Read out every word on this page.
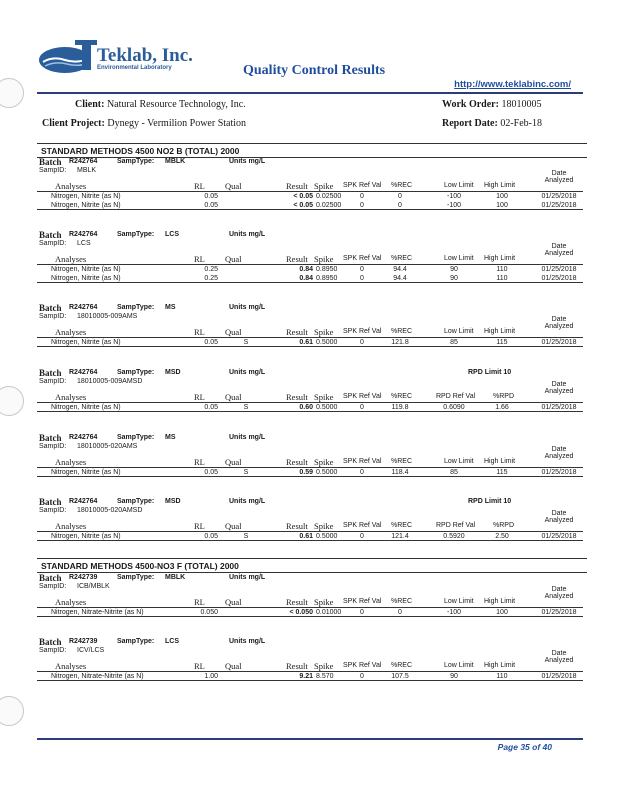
Teklab, Inc.
Environmental Laboratory	Quality Control Results
http://www.teklabinc.com/
Client: Natural Resource Technology, Inc.
Client Project: Dynegy - Vermilion Power Station
Work Order: 18010005
Report Date: 02-Feb-18
STANDARD METHODS 4500 NO2 B (TOTAL) 2000
STANDARD METHODS 4500-NO3 F (TOTAL) 2000
Batch R242764	SampType: MBLK	Units mg/L
SampID: MBLK	Date
Analyzed
Analyses	RL Qual	Result Spike SPK Ref Val %REC	Low Limit High Limit
Nitrogen, Nitrite (as N)	0.05	< 0.05 0.02500	0	0	-100	100	01/25/2018
Nitrogen, Nitrite (as N)	0.05	< 0.05 0.02500	0	0	-100	100	01/25/2018
Batch R242764	SampType: LCS	Units mg/L
SampID: LCS	Date
Analyzed
Analyses	RL Qual	Result Spike SPK Ref Val %REC	Low Limit High Limit
Nitrogen, Nitrite (as N)	0.25	0.84 0.8950	0	94.4	90	110	01/25/2018
Nitrogen, Nitrite (as N)	0.25	0.84 0.8950	0	94.4	90	110	01/25/2018
Batch R242764	SampType: MS	Units mg/L
SampID: 18010005-009AMS	Date
Analyzed
Analyses	RL Qual	Result Spike SPK Ref Val %REC	Low Limit High Limit
Nitrogen, Nitrite (as N)	0.05	S	0.61 0.5000	0	121.8	85	115	01/25/2018
Batch R242764	SampType: MSD	Units mg/L	RPD Limit 10
SampID: 18010005-009AMSD	Date
Analyzed
Analyses	RL Qual	Result Spike SPK Ref Val %REC	RPD Ref Val	%RPD
Nitrogen, Nitrite (as N)	0.05	S	0.60 0.5000	0	119.8	0.6090	1.66	01/25/2018
Batch R242764	SampType: MS	Units mg/L
SampID: 18010005-020AMS	Date
Analyzed
Analyses	RL Qual	Result Spike SPK Ref Val %REC	Low Limit High Limit
Nitrogen, Nitrite (as N)	0.05	S	0.59 0.5000	0	118.4	85	115	01/25/2018
Batch R242764	SampType: MSD	Units mg/L	RPD Limit 10
SampID: 18010005-020AMSD	Date
Analyzed
Analyses	RL Qual	Result Spike SPK Ref Val %REC	RPD Ref Val	%RPD
Nitrogen, Nitrite (as N)	0.05	S	0.61 0.5000	0	121.4	0.5920	2.50	01/25/2018
Batch R242739	SampType: MBLK	Units mg/L
SampID: ICB/MBLK	Date
Analyzed
Analyses	RL Qual	Result Spike SPK Ref Val %REC	Low Limit High Limit
Nitrogen, Nitrate-Nitrite (as N)	0.050	< 0.050 0.01000	0	0	-100	100	01/25/2018
Batch R242739	SampType: LCS	Units mg/L
SampID: ICV/LCS	Date
Analyzed
Analyses	RL Qual	Result Spike SPK Ref Val %REC	Low Limit High Limit
Nitrogen, Nitrate-Nitrite (as N)	1.00	9.21 8.570	0	107.5	90	110	01/25/2018
Page 35 of 40
